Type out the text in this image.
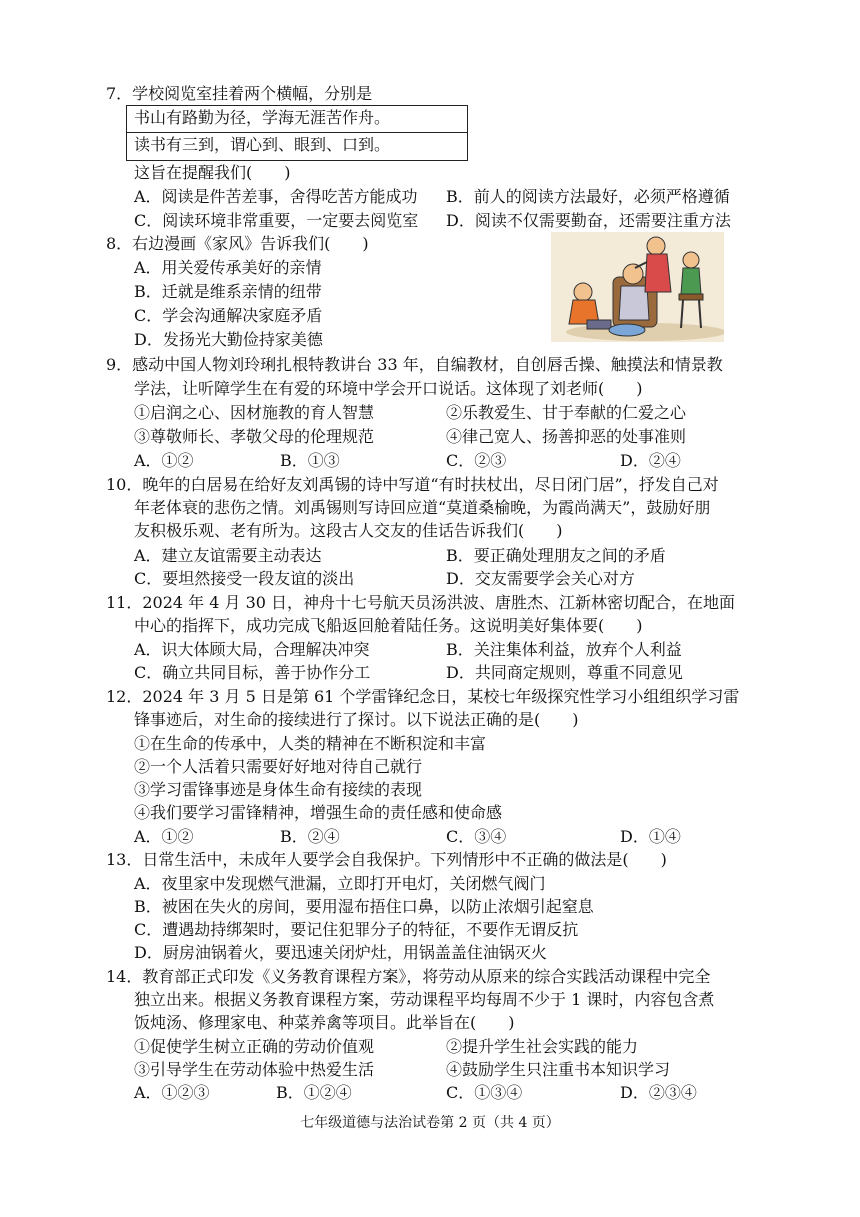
7．学校阅览室挂着两个横幅，分别是
书山有路勤为径，学海无涯苦作舟。
读书有三到，谓心到、眼到、口到。
这旨在提醒我们(　　)
A．阅读是件苦差事，舍得吃苦方能成功 B．前人的阅读方法最好，必须严格遵循
C．阅读环境非常重要，一定要去阅览室 D．阅读不仅需要勤奋，还需要注重方法
8．右边漫画《家风》告诉我们(　　)
A．用关爱传承美好的亲情
B．迁就是维系亲情的纽带
C．学会沟通解决家庭矛盾
D．发扬光大勤俭持家美德
9．感动中国人物刘玲琍扎根特教讲台 33 年，自编教材，自创唇舌操、触摸法和情景教
学法，让听障学生在有爱的环境中学会开口说话。这体现了刘老师(　　)
①启润之心、因材施教的育人智慧	②乐教爱生、甘于奉献的仁爱之心
③尊敬师长、孝敬父母的伦理规范	④律己宽人、扬善抑恶的处事准则
A．①②	B．①③	C．②③	D．②④
10．晚年的白居易在给好友刘禹锡的诗中写道“有时扶杖出，尽日闭门居”，抒发自己对
年老体衰的悲伤之情。刘禹锡则写诗回应道“莫道桑榆晚，为霞尚满天”，鼓励好朋
友积极乐观、老有所为。这段古人交友的佳话告诉我们(　　)
A．建立友谊需要主动表达	B．要正确处理朋友之间的矛盾
C．要坦然接受一段友谊的淡出	D．交友需要学会关心对方
11．2024 年 4 月 30 日，神舟十七号航天员汤洪波、唐胜杰、江新林密切配合，在地面
中心的指挥下，成功完成飞船返回舱着陆任务。这说明美好集体要(　　)
A．识大体顾大局，合理解决冲突	B．关注集体利益，放弃个人利益
C．确立共同目标，善于协作分工	D．共同商定规则，尊重不同意见
12．2024 年 3 月 5 日是第 61 个学雷锋纪念日，某校七年级探究性学习小组组织学习雷
锋事迹后，对生命的接续进行了探讨。以下说法正确的是(　　)
①在生命的传承中，人类的精神在不断积淀和丰富
②一个人活着只需要好好地对待自己就行
③学习雷锋事迹是身体生命有接续的表现
④我们要学习雷锋精神，增强生命的责任感和使命感
A．①②	B．②④	C．③④	D．①④
13．日常生活中，未成年人要学会自我保护。下列情形中不正确的做法是(　　)
A．夜里家中发现燃气泄漏，立即打开电灯，关闭燃气阀门
B．被困在失火的房间，要用湿布捂住口鼻，以防止浓烟引起窒息
C．遭遇劫持绑架时，要记住犯罪分子的特征，不要作无谓反抗
D．厨房油锅着火，要迅速关闭炉灶，用锅盖盖住油锅灭火
14．教育部正式印发《义务教育课程方案》，将劳动从原来的综合实践活动课程中完全
独立出来。根据义务教育课程方案，劳动课程平均每周不少于 1 课时，内容包含煮
饭炖汤、修理家电、种菜养禽等项目。此举旨在(　　)
①促使学生树立正确的劳动价值观	②提升学生社会实践的能力
③引导学生在劳动体验中热爱生活	④鼓励学生只注重书本知识学习
A．①②③	B．①②④	C．①③④	D．②③④
七年级道德与法治试卷第 2 页（共 4 页）
